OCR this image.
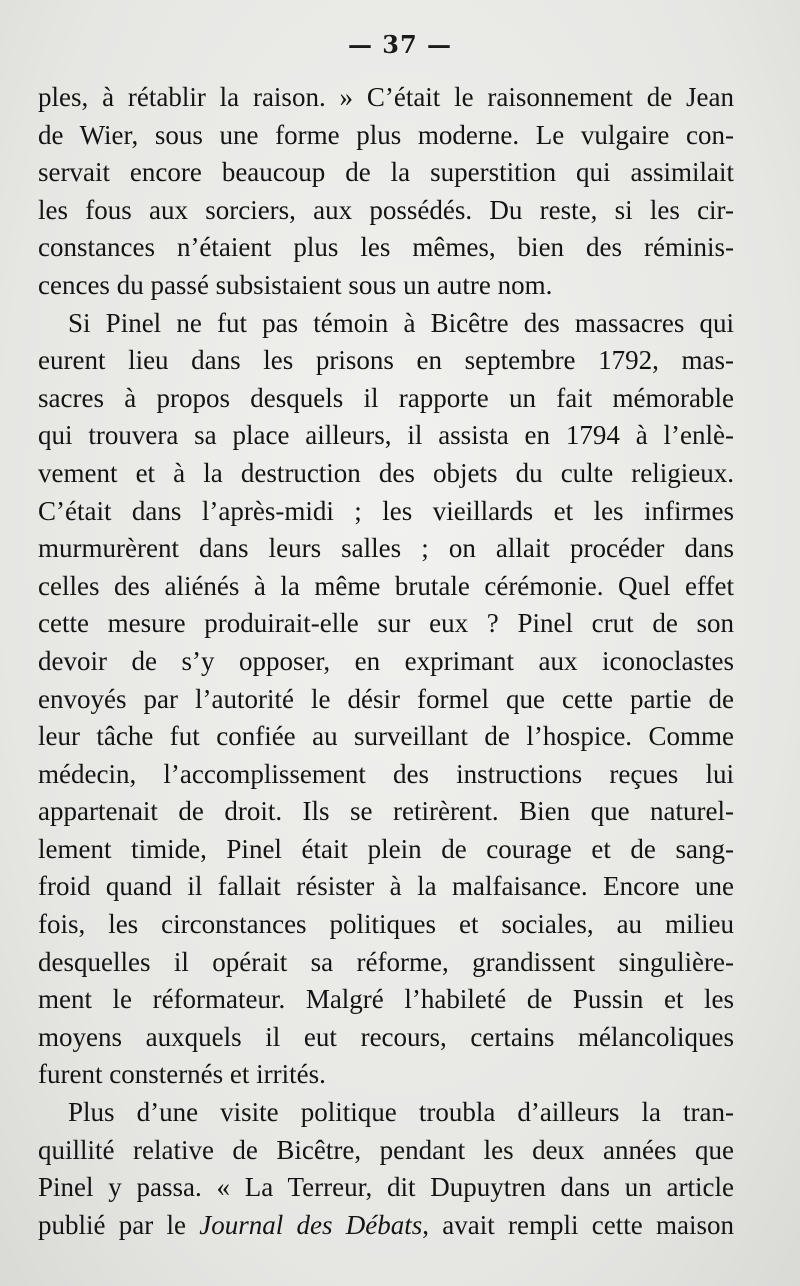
— 37 —
ples, à rétablir la raison. » C’était le raisonnement de Jean
de Wier, sous une forme plus moderne. Le vulgaire con-
servait encore beaucoup de la superstition qui assimilait
les fous aux sorciers, aux possédés. Du reste, si les cir-
constances n’étaient plus les mêmes, bien des réminis-
cences du passé subsistaient sous un autre nom.
Si Pinel ne fut pas témoin à Bicêtre des massacres qui
eurent lieu dans les prisons en septembre 1792, mas-
sacres à propos desquels il rapporte un fait mémorable
qui trouvera sa place ailleurs, il assista en 1794 à l’enlè-
vement et à la destruction des objets du culte religieux.
C’était dans l’après-midi ; les vieillards et les infirmes
murmurèrent dans leurs salles ; on allait procéder dans
celles des aliénés à la même brutale cérémonie. Quel effet
cette mesure produirait-elle sur eux ? Pinel crut de son
devoir de s’y opposer, en exprimant aux iconoclastes
envoyés par l’autorité le désir formel que cette partie de
leur tâche fut confiée au surveillant de l’hospice. Comme
médecin, l’accomplissement des instructions reçues lui
appartenait de droit. Ils se retirèrent. Bien que naturel-
lement timide, Pinel était plein de courage et de sang-
froid quand il fallait résister à la malfaisance. Encore une
fois, les circonstances politiques et sociales, au milieu
desquelles il opérait sa réforme, grandissent singulière-
ment le réformateur. Malgré l’habileté de Pussin et les
moyens auxquels il eut recours, certains mélancoliques
furent consternés et irrités.
Plus d’une visite politique troubla d’ailleurs la tran-
quillité relative de Bicêtre, pendant les deux années que
Pinel y passa. « La Terreur, dit Dupuytren dans un article
publié par le Journal des Débats, avait rempli cette maison
